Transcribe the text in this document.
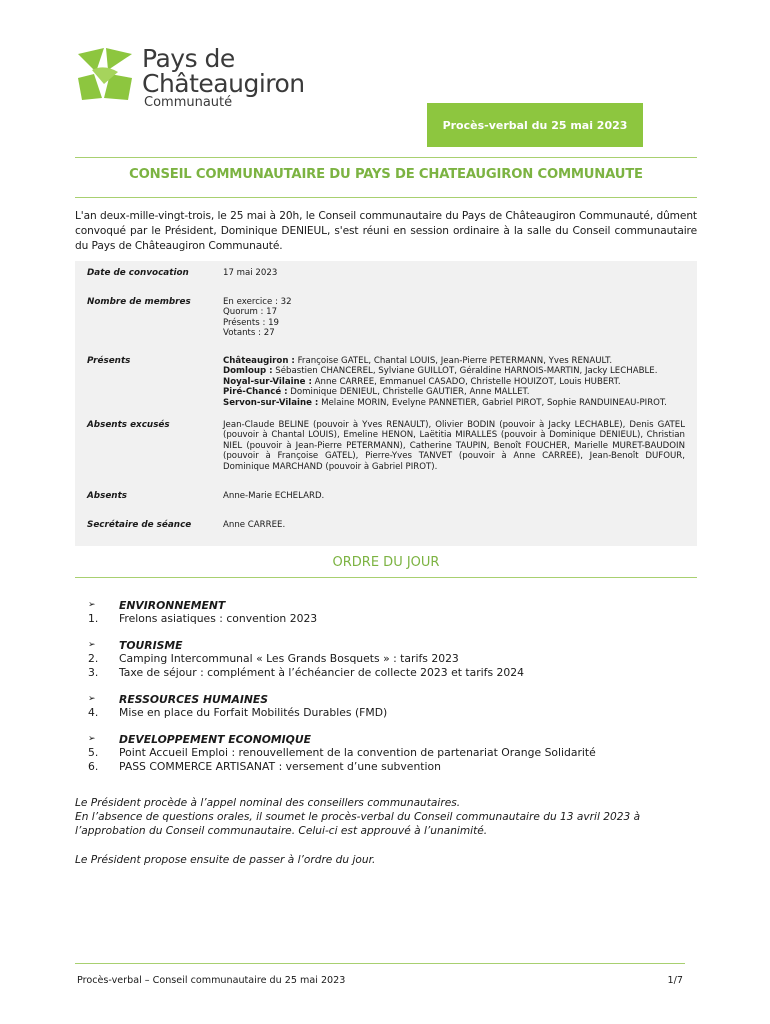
Pays de
Châteaugiron
Communauté
Procès-verbal du 25 mai 2023
CONSEIL COMMUNAUTAIRE DU PAYS DE CHATEAUGIRON COMMUNAUTE
L'an deux-mille-vingt-trois, le 25 mai à 20h, le Conseil communautaire du Pays de Châteaugiron Communauté, dûment convoqué par le Président, Dominique DENIEUL, s'est réuni en session ordinaire à la salle du Conseil communautaire du Pays de Châteaugiron Communauté.
Date de convocation	17 mai 2023
Nombre de membres	En exercice : 32
Quorum : 17
Présents : 19
Votants : 27
Présents	Châteaugiron : Françoise GATEL, Chantal LOUIS, Jean-Pierre PETERMANN, Yves RENAULT.
Domloup : Sébastien CHANCEREL, Sylviane GUILLOT, Géraldine HARNOIS-MARTIN, Jacky LECHABLE.
Noyal-sur-Vilaine : Anne CARREE, Emmanuel CASADO, Christelle HOUIZOT, Louis HUBERT.
Piré-Chancé : Dominique DENIEUL, Christelle GAUTIER, Anne MALLET.
Servon-sur-Vilaine : Melaine MORIN, Evelyne PANNETIER, Gabriel PIROT, Sophie RANDUINEAU-PIROT.
Absents excusés	Jean-Claude BELINE (pouvoir à Yves RENAULT), Olivier BODIN (pouvoir à Jacky LECHABLE), Denis GATEL (pouvoir à Chantal LOUIS), Emeline HENON, Laëtitia MIRALLES (pouvoir à Dominique DENIEUL), Christian NIEL (pouvoir à Jean-Pierre PETERMANN), Catherine TAUPIN, Benoît FOUCHER, Marielle MURET-BAUDOIN (pouvoir à Françoise GATEL), Pierre-Yves TANVET (pouvoir à Anne CARREE), Jean-Benoît DUFOUR, Dominique MARCHAND (pouvoir à Gabriel PIROT).
Absents	Anne-Marie ECHELARD.
Secrétaire de séance	Anne CARREE.
ORDRE DU JOUR
➢	ENVIRONNEMENT
1.	Frelons asiatiques : convention 2023
➢	TOURISME
2.	Camping Intercommunal « Les Grands Bosquets » : tarifs 2023
3.	Taxe de séjour : complément à l’échéancier de collecte 2023 et tarifs 2024
➢	RESSOURCES HUMAINES
4.	Mise en place du Forfait Mobilités Durables (FMD)
➢	DEVELOPPEMENT ECONOMIQUE
5.	Point Accueil Emploi : renouvellement de la convention de partenariat Orange Solidarité
6.	PASS COMMERCE ARTISANAT : versement d’une subvention

Le Président procède à l’appel nominal des conseillers communautaires.

En l’absence de questions orales, il soumet le procès-verbal du Conseil communautaire du 13 avril 2023 à l’approbation du Conseil communautaire. Celui-ci est approuvé à l’unanimité.

Le Président propose ensuite de passer à l’ordre du jour.

Procès-verbal – Conseil communautaire du 25 mai 2023	1/7
